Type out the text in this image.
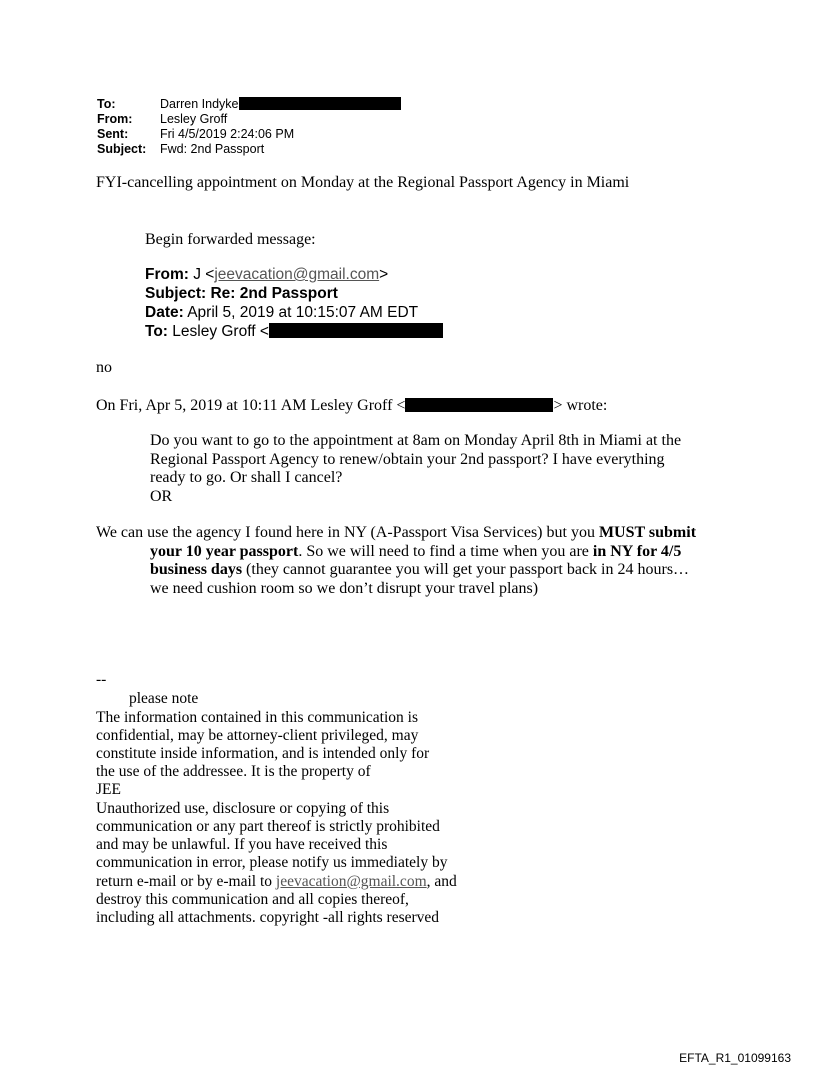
To:	Darren Indyke
From: Lesley Groff
Sent:	Fri 4/5/2019 2:24:06 PM
Subject: Fwd: 2nd Passport
FYI-cancelling appointment on Monday at the Regional Passport Agency in Miami
Begin forwarded message:
From: J <jeevacation@gmail.com>
Subject: Re: 2nd Passport
Date: April 5, 2019 at 10:15:07 AM EDT
To: Lesley Groff <
no
On Fri, Apr 5, 2019 at 10:11 AM Lesley Groff <	> wrote:
Do you want to go to the appointment at 8am on Monday April 8th in Miami at the Regional Passport Agency to renew/obtain your 2nd passport? I have everything ready to go. Or shall I cancel?
OR
We can use the agency I found here in NY (A-Passport Visa Services) but you MUST submit your 10 year passport. So we will need to find a time when you are in NY for 4/5 business days (they cannot guarantee you will get your passport back in 24 hours…we need cushion room so we don’t disrupt your travel plans)
--
please note
The information contained in this communication is
confidential, may be attorney-client privileged, may
constitute inside information, and is intended only for
the use of the addressee. It is the property of
JEE
Unauthorized use, disclosure or copying of this
communication or any part thereof is strictly prohibited
and may be unlawful. If you have received this
communication in error, please notify us immediately by
return e-mail or by e-mail to jeevacation@gmail.com, and
destroy this communication and all copies thereof,
including all attachments. copyright -all rights reserved
EFTA_R1_01099163
